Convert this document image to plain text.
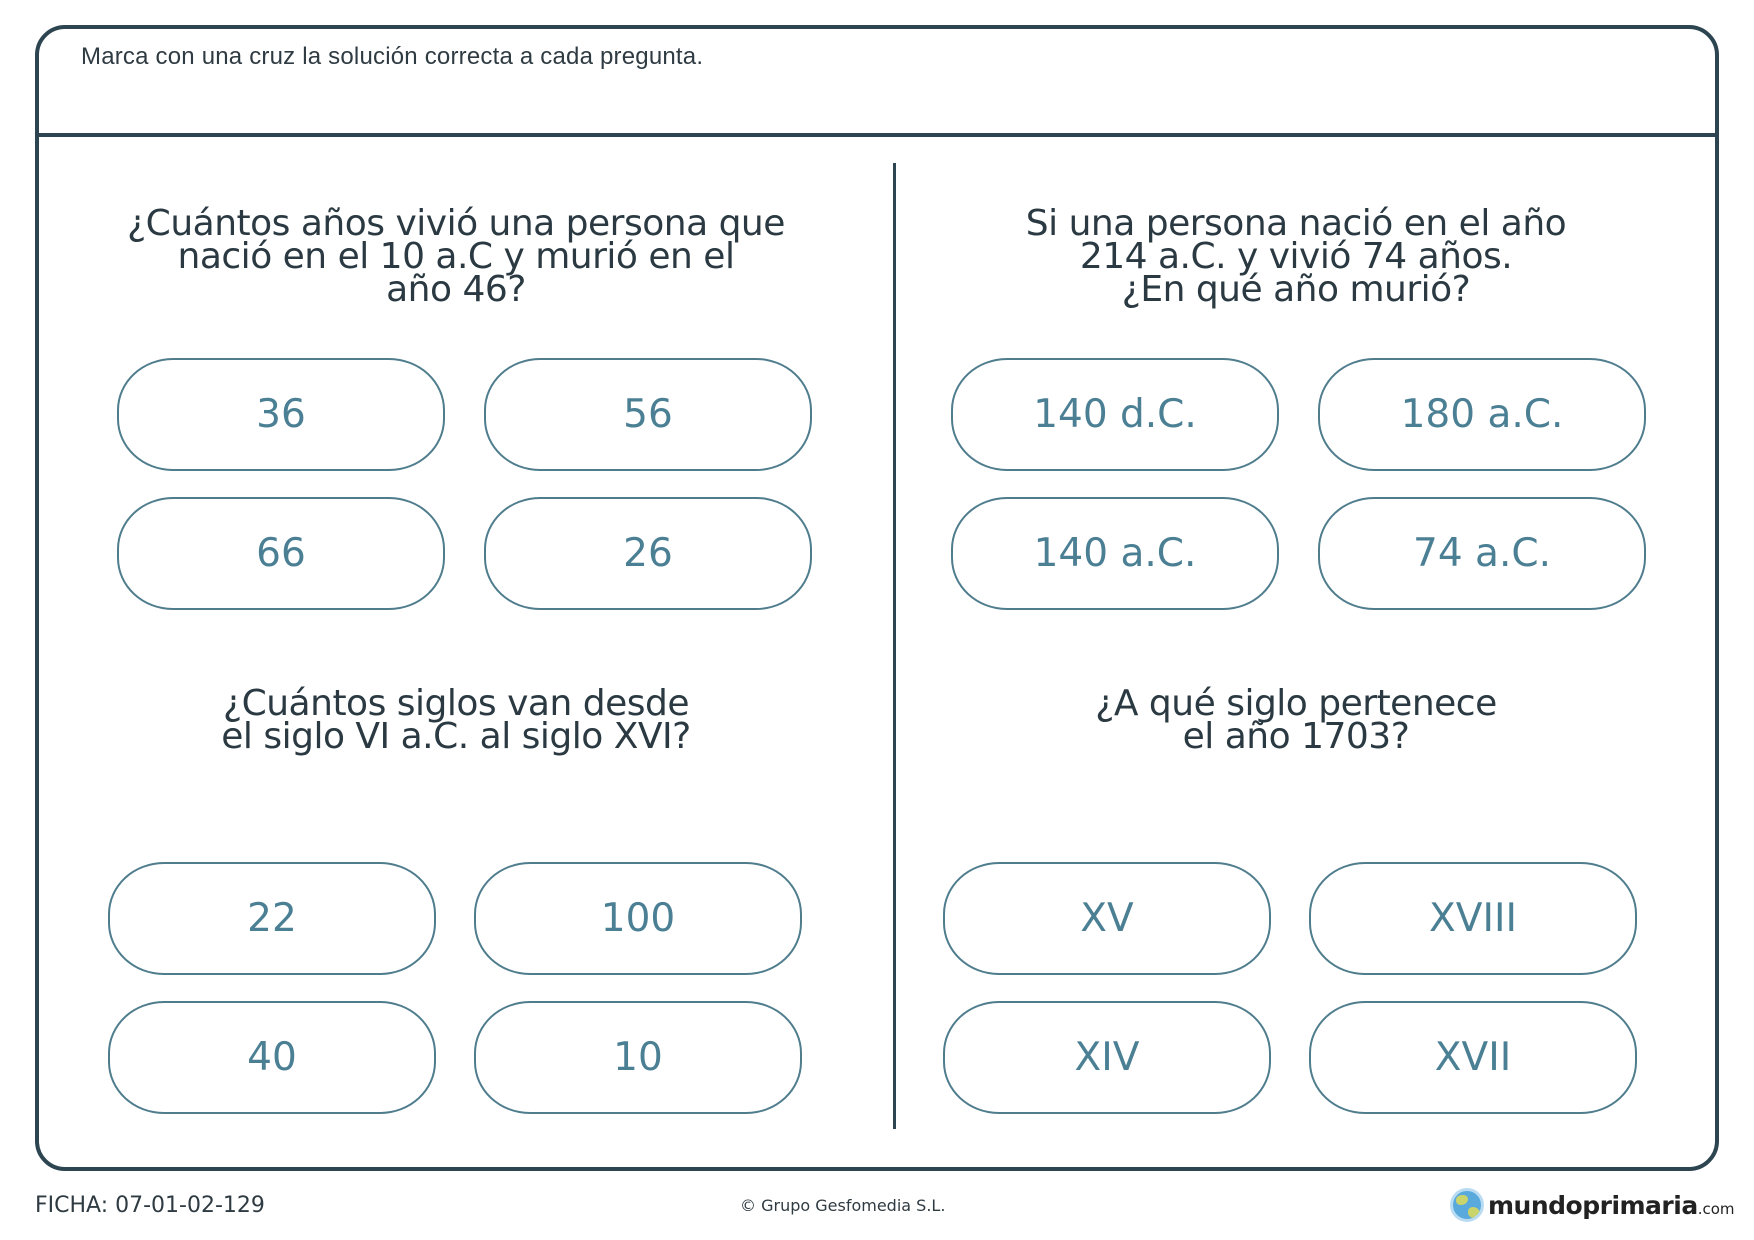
Marca con una cruz la solución correcta a cada pregunta.
¿Cuántos años vivió una persona que
nació en el 10 a.C y murió en el
año 46?
36	56
66	26
Si una persona nació en el año
214 a.C. y vivió 74 años.
¿En qué año murió?
140 d.C.	180 a.C.
140 a.C.	74 a.C.
¿Cuántos siglos van desde
el siglo VI a.C. al siglo XVI?
22	100
40	10
¿A qué siglo pertenece
el año 1703?
XV	XVIII
XIV	XVII
FICHA: 07-01-02-129	© Grupo Gesfomedia S.L.	mundoprimaria .com
